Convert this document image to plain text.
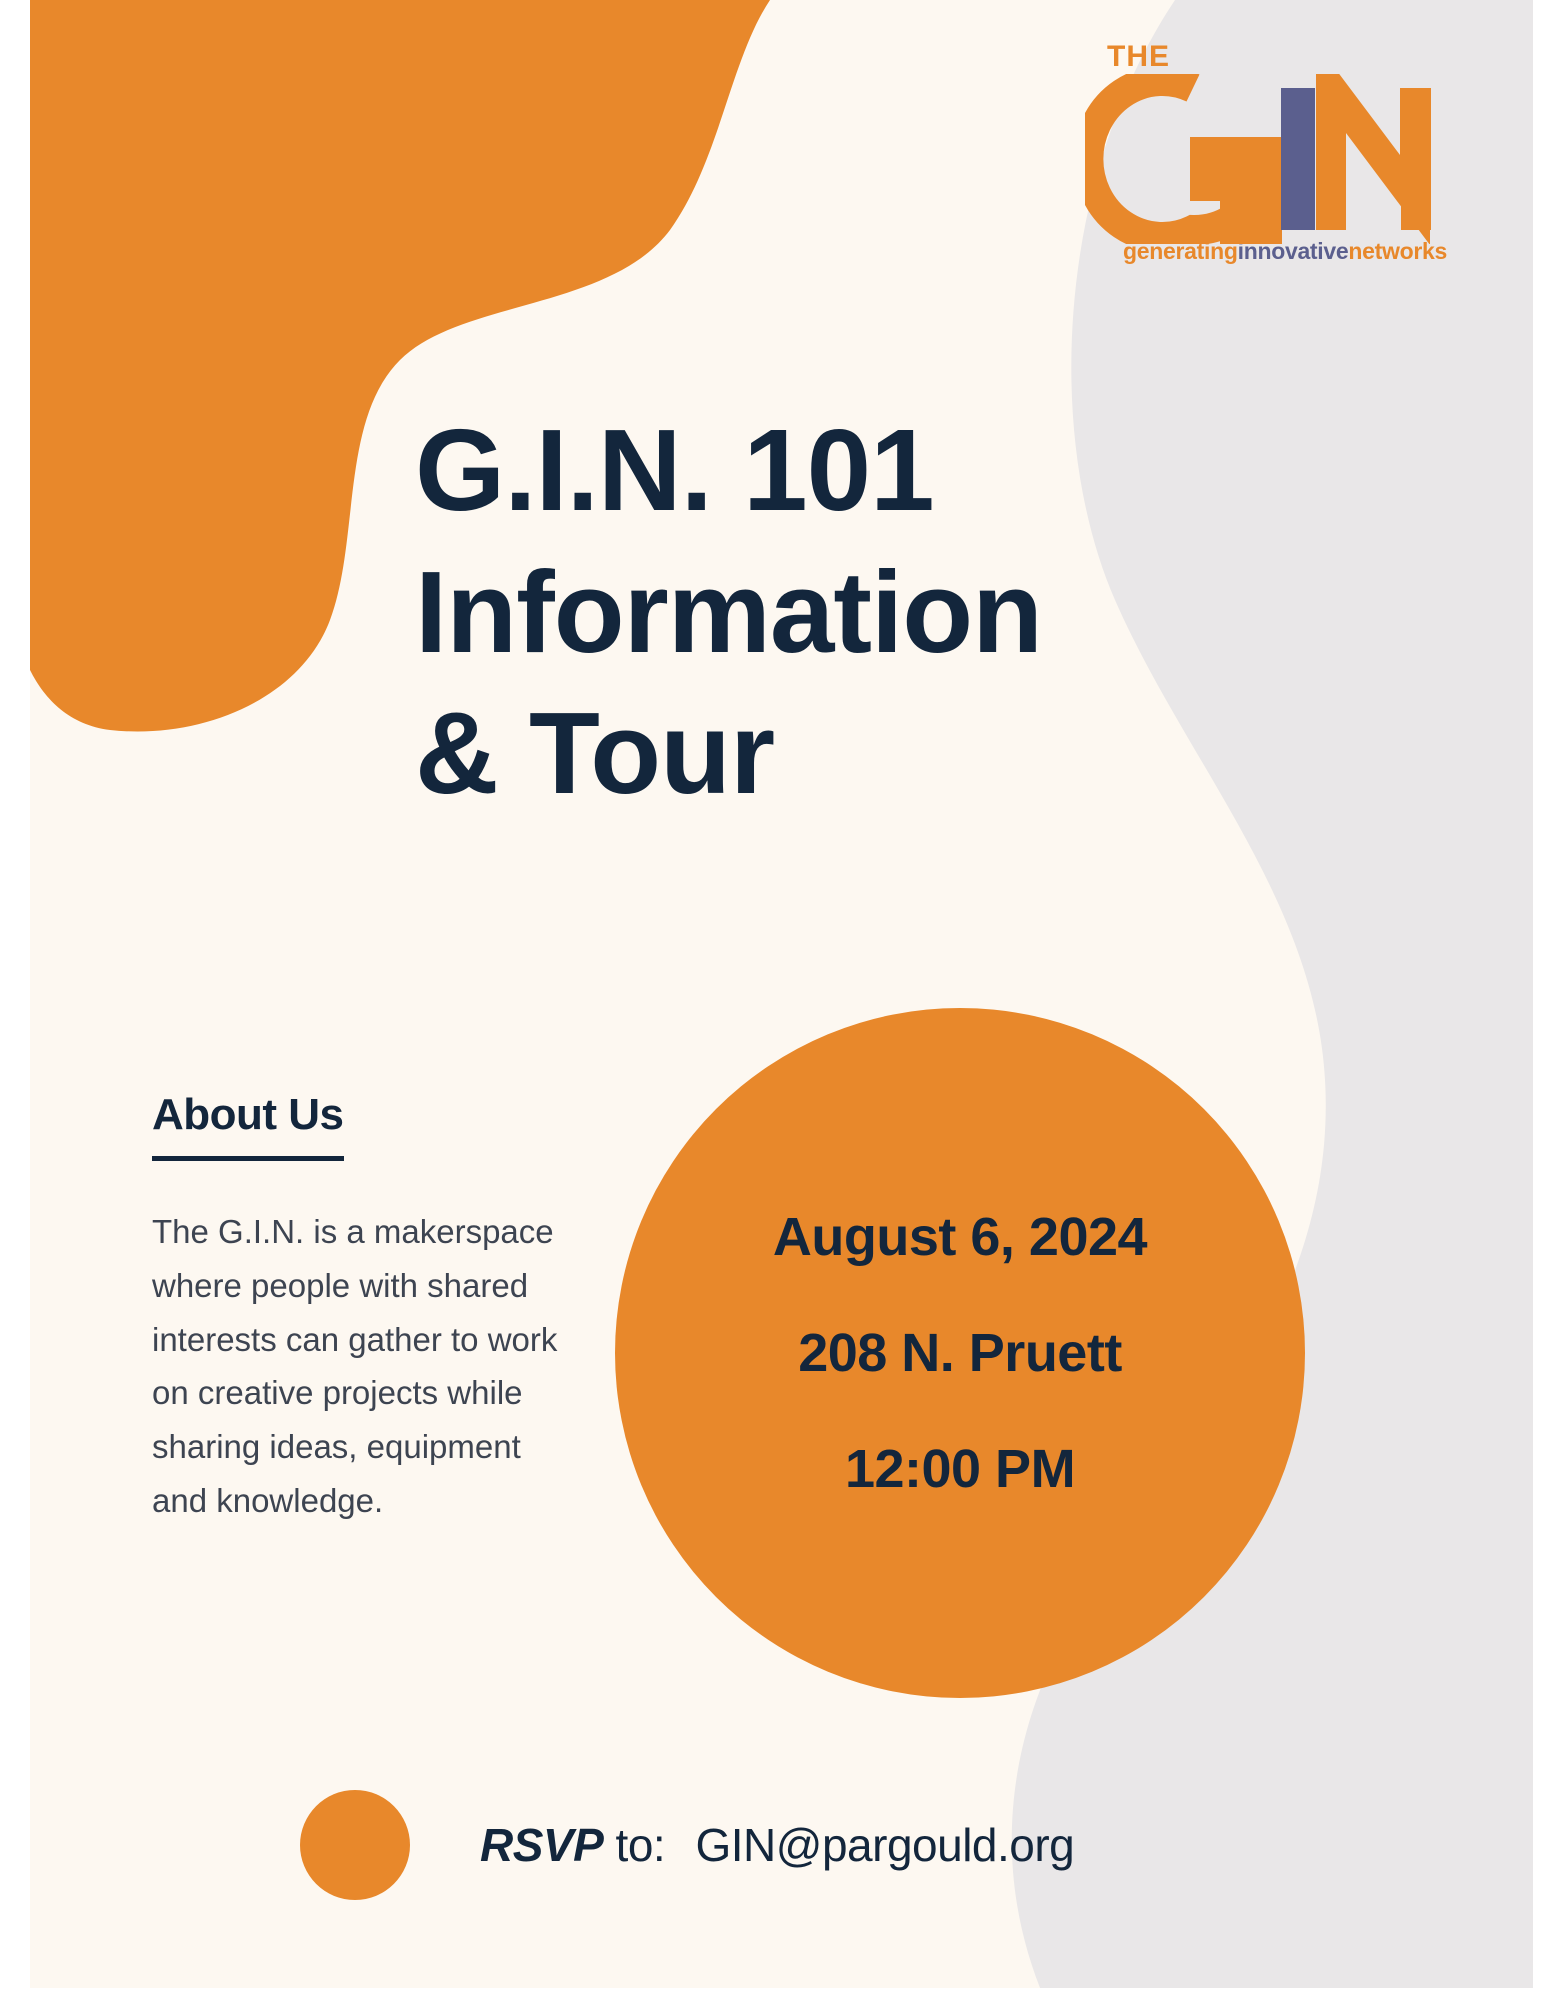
THE
generatinginnovativenetworks
G.I.N. 101
Information
& Tour
About Us
The G.I.N. is a makerspace where people with shared interests can gather to work on creative projects while sharing ideas, equipment and knowledge.
August 6, 2024
208 N. Pruett
12:00 PM
RSVP to: GIN@pargould.org
